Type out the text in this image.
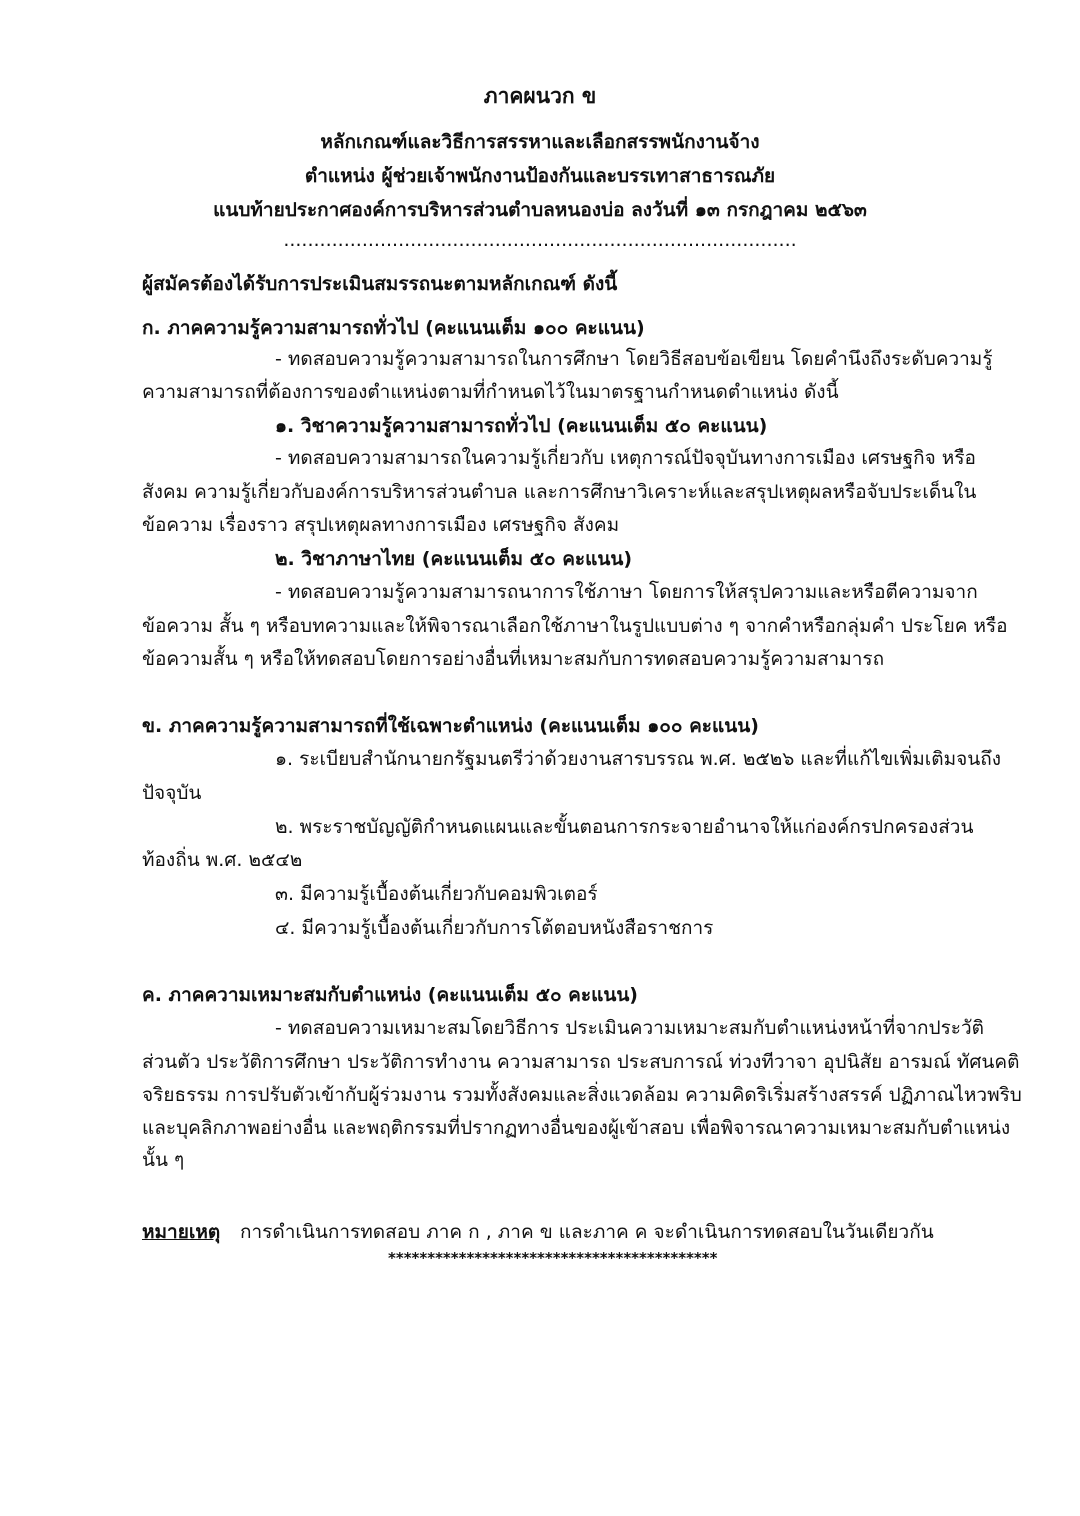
ภาคผนวก ข
หลักเกณฑ์และวิธีการสรรหาและเลือกสรรพนักงานจ้าง
ตำแหน่ง ผู้ช่วยเจ้าพนักงานป้องกันและบรรเทาสาธารณภัย
แนบท้ายประกาศองค์การบริหารส่วนตำบลหนองบ่อ ลงวันที่ ๑๓ กรกฎาคม ๒๕๖๓
.....................................................................................
ผู้สมัครต้องได้รับการประเมินสมรรถนะตามหลักเกณฑ์ ดังนี้
ก. ภาคความรู้ความสามารถทั่วไป (คะแนนเต็ม ๑๐๐ คะแนน)
- ทดสอบความรู้ความสามารถในการศึกษา โดยวิธีสอบข้อเขียน โดยคำนึงถึงระดับความรู้
ความสามารถที่ต้องการของตำแหน่งตามที่กำหนดไว้ในมาตรฐานกำหนดตำแหน่ง ดังนี้
๑. วิชาความรู้ความสามารถทั่วไป (คะแนนเต็ม ๕๐ คะแนน)
- ทดสอบความสามารถในความรู้เกี่ยวกับ เหตุการณ์ปัจจุบันทางการเมือง เศรษฐกิจ หรือ
สังคม ความรู้เกี่ยวกับองค์การบริหารส่วนตำบล และการศึกษาวิเคราะห์และสรุปเหตุผลหรือจับประเด็นใน
ข้อความ เรื่องราว สรุปเหตุผลทางการเมือง เศรษฐกิจ สังคม
๒. วิชาภาษาไทย (คะแนนเต็ม ๕๐ คะแนน)
- ทดสอบความรู้ความสามารถนาการใช้ภาษา โดยการให้สรุปความและหรือตีความจาก
ข้อความ สั้น ๆ หรือบทความและให้พิจารณาเลือกใช้ภาษาในรูปแบบต่าง ๆ จากคำหรือกลุ่มคำ ประโยค หรือ
ข้อความสั้น ๆ หรือให้ทดสอบโดยการอย่างอื่นที่เหมาะสมกับการทดสอบความรู้ความสามารถ
ข. ภาคความรู้ความสามารถที่ใช้เฉพาะตำแหน่ง (คะแนนเต็ม ๑๐๐ คะแนน)
๑. ระเบียบสำนักนายกรัฐมนตรีว่าด้วยงานสารบรรณ พ.ศ. ๒๕๒๖ และที่แก้ไขเพิ่มเติมจนถึง
ปัจจุบัน
๒. พระราชบัญญัติกำหนดแผนและขั้นตอนการกระจายอำนาจให้แก่องค์กรปกครองส่วน
ท้องถิ่น พ.ศ. ๒๕๔๒
๓. มีความรู้เบื้องต้นเกี่ยวกับคอมพิวเตอร์
๔. มีความรู้เบื้องต้นเกี่ยวกับการโต้ตอบหนังสือราชการ
ค. ภาคความเหมาะสมกับตำแหน่ง (คะแนนเต็ม ๕๐ คะแนน)
- ทดสอบความเหมาะสมโดยวิธีการ ประเมินความเหมาะสมกับตำแหน่งหน้าที่จากประวัติ
ส่วนตัว ประวัติการศึกษา ประวัติการทำงาน ความสามารถ ประสบการณ์ ท่วงทีวาจา อุปนิสัย อารมณ์ ทัศนคติ
จริยธรรม การปรับตัวเข้ากับผู้ร่วมงาน รวมทั้งสังคมและสิ่งแวดล้อม ความคิดริเริ่มสร้างสรรค์ ปฏิภาณไหวพริบ
และบุคลิกภาพอย่างอื่น และพฤติกรรมที่ปรากฏทางอื่นของผู้เข้าสอบ เพื่อพิจารณาความเหมาะสมกับตำแหน่ง
นั้น ๆ
หมายเหตุ การดำเนินการทดสอบ ภาค ก , ภาค ข และภาค ค จะดำเนินการทดสอบในวันเดียวกัน
******************************************
